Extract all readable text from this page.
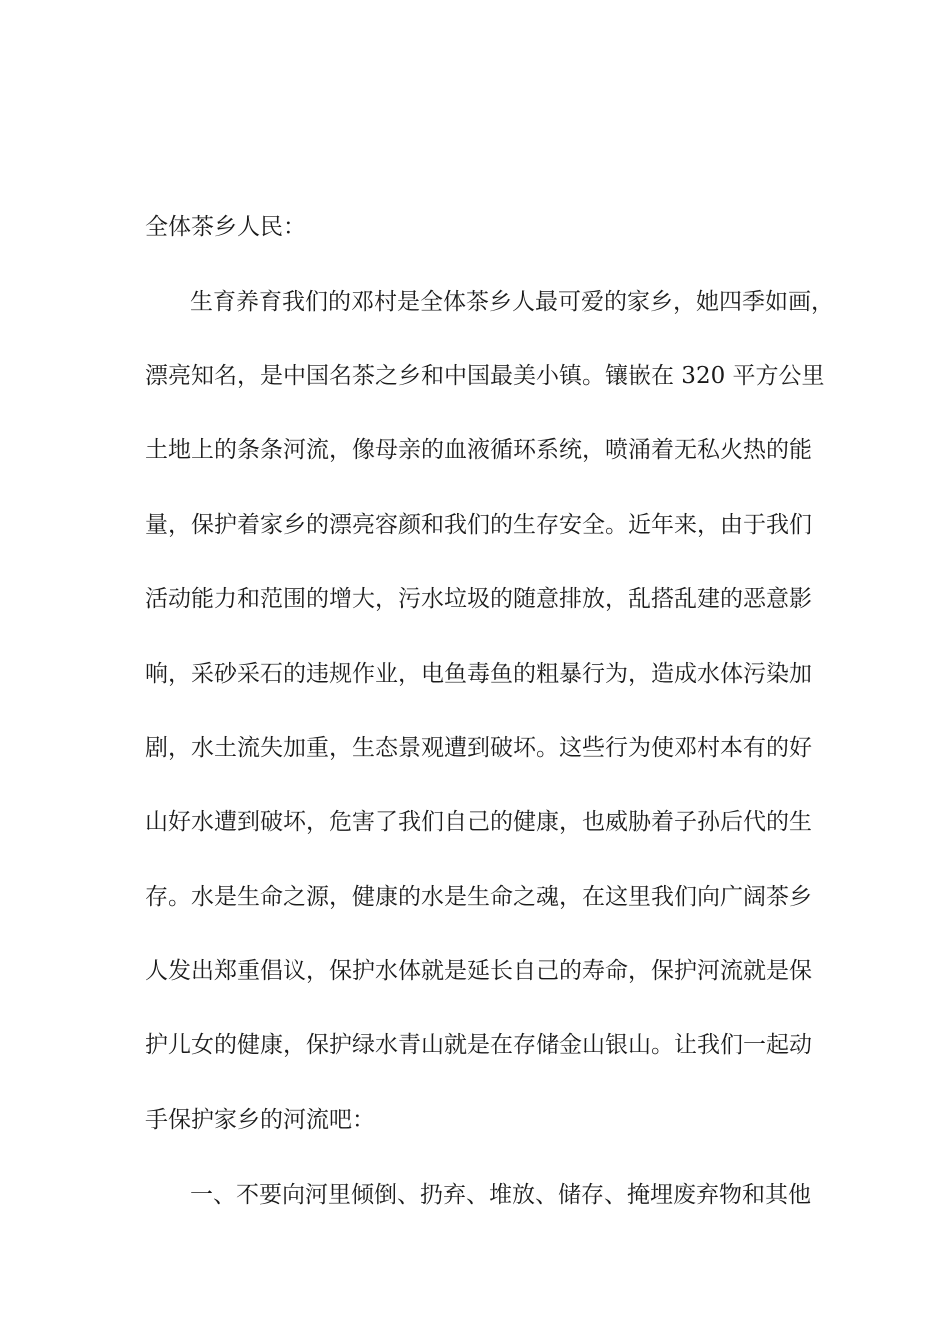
全体茶乡人民：
生育养育我们的邓村是全体茶乡人最可爱的家乡，她四季如画，
漂亮知名，是中国名茶之乡和中国最美小镇。镶嵌在 320 平方公里
土地上的条条河流，像母亲的血液循环系统，喷涌着无私火热的能
量，保护着家乡的漂亮容颜和我们的生存安全。近年来，由于我们
活动能力和范围的增大，污水垃圾的随意排放，乱搭乱建的恶意影
响，采砂采石的违规作业，电鱼毒鱼的粗暴行为，造成水体污染加
剧，水土流失加重，生态景观遭到破坏。这些行为使邓村本有的好
山好水遭到破坏，危害了我们自己的健康，也威胁着子孙后代的生
存。水是生命之源，健康的水是生命之魂，在这里我们向广阔茶乡
人发出郑重倡议，保护水体就是延长自己的寿命，保护河流就是保
护儿女的健康，保护绿水青山就是在存储金山银山。让我们一起动
手保护家乡的河流吧：
一、不要向河里倾倒、扔弃、堆放、储存、掩埋废弃物和其他
